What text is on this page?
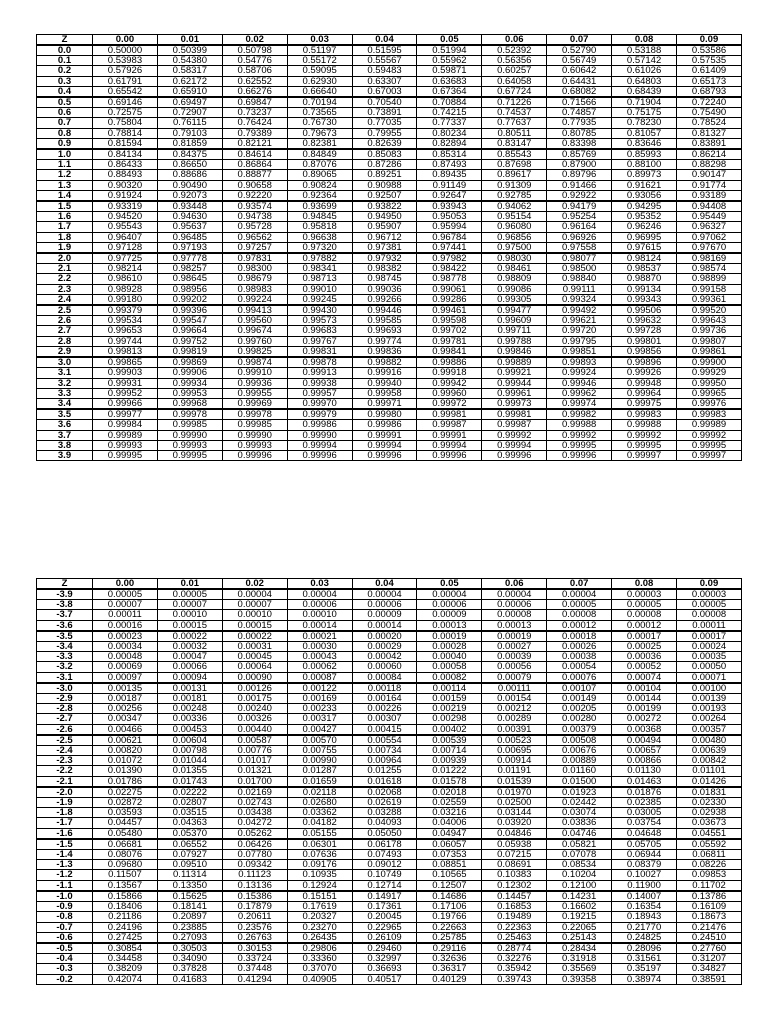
Z	0.00	0.01	0.02	0.03	0.04	0.05	0.06	0.07	0.08	0.09
0.0	0.50000	0.50399	0.50798	0.51197	0.51595	0.51994	0.52392	0.52790	0.53188	0.53586
0.1	0.53983	0.54380	0.54776	0.55172	0.55567	0.55962	0.56356	0.56749	0.57142	0.57535
0.2	0.57926	0.58317	0.58706	0.59095	0.59483	0.59871	0.60257	0.60642	0.61026	0.61409
0.3	0.61791	0.62172	0.62552	0.62930	0.63307	0.63683	0.64058	0.64431	0.64803	0.65173
0.4	0.65542	0.65910	0.66276	0.66640	0.67003	0.67364	0.67724	0.68082	0.68439	0.68793
0.5	0.69146	0.69497	0.69847	0.70194	0.70540	0.70884	0.71226	0.71566	0.71904	0.72240
0.6	0.72575	0.72907	0.73237	0.73565	0.73891	0.74215	0.74537	0.74857	0.75175	0.75490
0.7	0.75804	0.76115	0.76424	0.76730	0.77035	0.77337	0.77637	0.77935	0.78230	0.78524
0.8	0.78814	0.79103	0.79389	0.79673	0.79955	0.80234	0.80511	0.80785	0.81057	0.81327
0.9	0.81594	0.81859	0.82121	0.82381	0.82639	0.82894	0.83147	0.83398	0.83646	0.83891
1.0	0.84134	0.84375	0.84614	0.84849	0.85083	0.85314	0.85543	0.85769	0.85993	0.86214
1.1	0.86433	0.86650	0.86864	0.87076	0.87286	0.87493	0.87698	0.87900	0.88100	0.88298
1.2	0.88493	0.88686	0.88877	0.89065	0.89251	0.89435	0.89617	0.89796	0.89973	0.90147
1.3	0.90320	0.90490	0.90658	0.90824	0.90988	0.91149	0.91309	0.91466	0.91621	0.91774
1.4	0.91924	0.92073	0.92220	0.92364	0.92507	0.92647	0.92785	0.92922	0.93056	0.93189
1.5	0.93319	0.93448	0.93574	0.93699	0.93822	0.93943	0.94062	0.94179	0.94295	0.94408
1.6	0.94520	0.94630	0.94738	0.94845	0.94950	0.95053	0.95154	0.95254	0.95352	0.95449
1.7	0.95543	0.95637	0.95728	0.95818	0.95907	0.95994	0.96080	0.96164	0.96246	0.96327
1.8	0.96407	0.96485	0.96562	0.96638	0.96712	0.96784	0.96856	0.96926	0.96995	0.97062
1.9	0.97128	0.97193	0.97257	0.97320	0.97381	0.97441	0.97500	0.97558	0.97615	0.97670
2.0	0.97725	0.97778	0.97831	0.97882	0.97932	0.97982	0.98030	0.98077	0.98124	0.98169
2.1	0.98214	0.98257	0.98300	0.98341	0.98382	0.98422	0.98461	0.98500	0.98537	0.98574
2.2	0.98610	0.98645	0.98679	0.98713	0.98745	0.98778	0.98809	0.98840	0.98870	0.98899
2.3	0.98928	0.98956	0.98983	0.99010	0.99036	0.99061	0.99086	0.99111	0.99134	0.99158
2.4	0.99180	0.99202	0.99224	0.99245	0.99266	0.99286	0.99305	0.99324	0.99343	0.99361
2.5	0.99379	0.99396	0.99413	0.99430	0.99446	0.99461	0.99477	0.99492	0.99506	0.99520
2.6	0.99534	0.99547	0.99560	0.99573	0.99585	0.99598	0.99609	0.99621	0.99632	0.99643
2.7	0.99653	0.99664	0.99674	0.99683	0.99693	0.99702	0.99711	0.99720	0.99728	0.99736
2.8	0.99744	0.99752	0.99760	0.99767	0.99774	0.99781	0.99788	0.99795	0.99801	0.99807
2.9	0.99813	0.99819	0.99825	0.99831	0.99836	0.99841	0.99846	0.99851	0.99856	0.99861
3.0	0.99865	0.99869	0.99874	0.99878	0.99882	0.99886	0.99889	0.99893	0.99896	0.99900
3.1	0.99903	0.99906	0.99910	0.99913	0.99916	0.99918	0.99921	0.99924	0.99926	0.99929
3.2	0.99931	0.99934	0.99936	0.99938	0.99940	0.99942	0.99944	0.99946	0.99948	0.99950
3.3	0.99952	0.99953	0.99955	0.99957	0.99958	0.99960	0.99961	0.99962	0.99964	0.99965
3.4	0.99966	0.99968	0.99969	0.99970	0.99971	0.99972	0.99973	0.99974	0.99975	0.99976
3.5	0.99977	0.99978	0.99978	0.99979	0.99980	0.99981	0.99981	0.99982	0.99983	0.99983
3.6	0.99984	0.99985	0.99985	0.99986	0.99986	0.99987	0.99987	0.99988	0.99988	0.99989
3.7	0.99989	0.99990	0.99990	0.99990	0.99991	0.99991	0.99992	0.99992	0.99992	0.99992
3.8	0.99993	0.99993	0.99993	0.99994	0.99994	0.99994	0.99994	0.99995	0.99995	0.99995
3.9	0.99995	0.99995	0.99996	0.99996	0.99996	0.99996	0.99996	0.99996	0.99997	0.99997
Z	0.00	0.01	0.02	0.03	0.04	0.05	0.06	0.07	0.08	0.09
-3.9	0.00005	0.00005	0.00004	0.00004	0.00004	0.00004	0.00004	0.00004	0.00003	0.00003
-3.8	0.00007	0.00007	0.00007	0.00006	0.00006	0.00006	0.00006	0.00005	0.00005	0.00005
-3.7	0.00011	0.00010	0.00010	0.00010	0.00009	0.00009	0.00008	0.00008	0.00008	0.00008
-3.6	0.00016	0.00015	0.00015	0.00014	0.00014	0.00013	0.00013	0.00012	0.00012	0.00011
-3.5	0.00023	0.00022	0.00022	0.00021	0.00020	0.00019	0.00019	0.00018	0.00017	0.00017
-3.4	0.00034	0.00032	0.00031	0.00030	0.00029	0.00028	0.00027	0.00026	0.00025	0.00024
-3.3	0.00048	0.00047	0.00045	0.00043	0.00042	0.00040	0.00039	0.00038	0.00036	0.00035
-3.2	0.00069	0.00066	0.00064	0.00062	0.00060	0.00058	0.00056	0.00054	0.00052	0.00050
-3.1	0.00097	0.00094	0.00090	0.00087	0.00084	0.00082	0.00079	0.00076	0.00074	0.00071
-3.0	0.00135	0.00131	0.00126	0.00122	0.00118	0.00114	0.00111	0.00107	0.00104	0.00100
-2.9	0.00187	0.00181	0.00175	0.00169	0.00164	0.00159	0.00154	0.00149	0.00144	0.00139
-2.8	0.00256	0.00248	0.00240	0.00233	0.00226	0.00219	0.00212	0.00205	0.00199	0.00193
-2.7	0.00347	0.00336	0.00326	0.00317	0.00307	0.00298	0.00289	0.00280	0.00272	0.00264
-2.6	0.00466	0.00453	0.00440	0.00427	0.00415	0.00402	0.00391	0.00379	0.00368	0.00357
-2.5	0.00621	0.00604	0.00587	0.00570	0.00554	0.00539	0.00523	0.00508	0.00494	0.00480
-2.4	0.00820	0.00798	0.00776	0.00755	0.00734	0.00714	0.00695	0.00676	0.00657	0.00639
-2.3	0.01072	0.01044	0.01017	0.00990	0.00964	0.00939	0.00914	0.00889	0.00866	0.00842
-2.2	0.01390	0.01355	0.01321	0.01287	0.01255	0.01222	0.01191	0.01160	0.01130	0.01101
-2.1	0.01786	0.01743	0.01700	0.01659	0.01618	0.01578	0.01539	0.01500	0.01463	0.01426
-2.0	0.02275	0.02222	0.02169	0.02118	0.02068	0.02018	0.01970	0.01923	0.01876	0.01831
-1.9	0.02872	0.02807	0.02743	0.02680	0.02619	0.02559	0.02500	0.02442	0.02385	0.02330
-1.8	0.03593	0.03515	0.03438	0.03362	0.03288	0.03216	0.03144	0.03074	0.03005	0.02938
-1.7	0.04457	0.04363	0.04272	0.04182	0.04093	0.04006	0.03920	0.03836	0.03754	0.03673
-1.6	0.05480	0.05370	0.05262	0.05155	0.05050	0.04947	0.04846	0.04746	0.04648	0.04551
-1.5	0.06681	0.06552	0.06426	0.06301	0.06178	0.06057	0.05938	0.05821	0.05705	0.05592
-1.4	0.08076	0.07927	0.07780	0.07636	0.07493	0.07353	0.07215	0.07078	0.06944	0.06811
-1.3	0.09680	0.09510	0.09342	0.09176	0.09012	0.08851	0.08691	0.08534	0.08379	0.08226
-1.2	0.11507	0.11314	0.11123	0.10935	0.10749	0.10565	0.10383	0.10204	0.10027	0.09853
-1.1	0.13567	0.13350	0.13136	0.12924	0.12714	0.12507	0.12302	0.12100	0.11900	0.11702
-1.0	0.15866	0.15625	0.15386	0.15151	0.14917	0.14686	0.14457	0.14231	0.14007	0.13786
-0.9	0.18406	0.18141	0.17879	0.17619	0.17361	0.17106	0.16853	0.16602	0.16354	0.16109
-0.8	0.21186	0.20897	0.20611	0.20327	0.20045	0.19766	0.19489	0.19215	0.18943	0.18673
-0.7	0.24196	0.23885	0.23576	0.23270	0.22965	0.22663	0.22363	0.22065	0.21770	0.21476
-0.6	0.27425	0.27093	0.26763	0.26435	0.26109	0.25785	0.25463	0.25143	0.24825	0.24510
-0.5	0.30854	0.30503	0.30153	0.29806	0.29460	0.29116	0.28774	0.28434	0.28096	0.27760
-0.4	0.34458	0.34090	0.33724	0.33360	0.32997	0.32636	0.32276	0.31918	0.31561	0.31207
-0.3	0.38209	0.37828	0.37448	0.37070	0.36693	0.36317	0.35942	0.35569	0.35197	0.34827
-0.2	0.42074	0.41683	0.41294	0.40905	0.40517	0.40129	0.39743	0.39358	0.38974	0.38591
